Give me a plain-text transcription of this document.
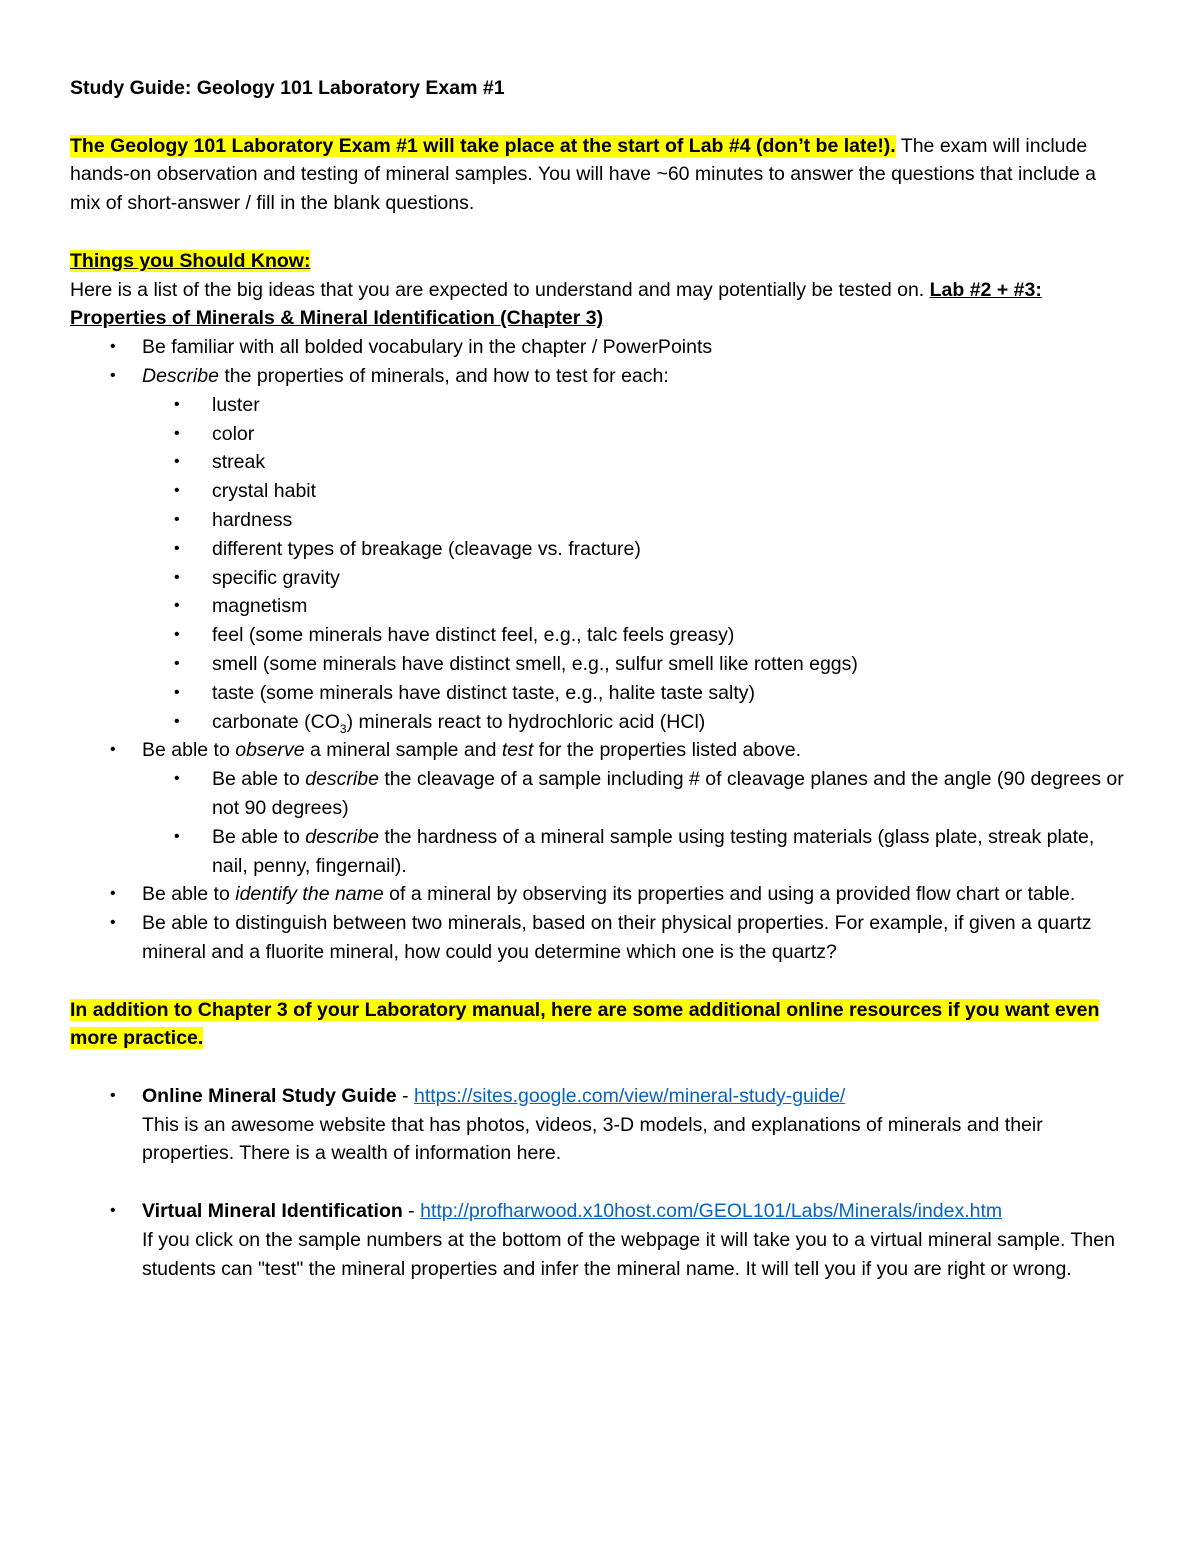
Study Guide: Geology 101 Laboratory Exam #1

The Geology 101 Laboratory Exam #1 will take place at the start of Lab #4 (don’t be late!). The exam will include hands-on observation and testing of mineral samples. You will have ~60 minutes to answer the questions that include a mix of short-answer / fill in the blank questions.

Things you Should Know:

Here is a list of the big ideas that you are expected to understand and may potentially be tested on. Lab #2 + #3: Properties of Minerals & Mineral Identification (Chapter 3)

• Be familiar with all bolded vocabulary in the chapter / PowerPoints
• Describe the properties of minerals, and how to test for each:
• luster
• color
• streak
• crystal habit
• hardness
• different types of breakage (cleavage vs. fracture)
• specific gravity
• magnetism
• feel (some minerals have distinct feel, e.g., talc feels greasy)
• smell (some minerals have distinct smell, e.g., sulfur smell like rotten eggs)
• taste (some minerals have distinct taste, e.g., halite taste salty)
• carbonate $(CO_3)$ minerals react to hydrochloric acid (HCl)
• Be able to observe a mineral sample and test for the properties listed above.
• Be able to describe the cleavage of a sample including # of cleavage planes and the angle (90 degrees or not 90 degrees)
• Be able to describe the hardness of a mineral sample using testing materials (glass plate, streak plate, nail, penny, fingernail).
• Be able to identify the name of a mineral by observing its properties and using a provided flow chart or table.
• Be able to distinguish between two minerals, based on their physical properties. For example, if given a quartz mineral and a fluorite mineral, how could you determine which one is the quartz?

In addition to Chapter 3 of your Laboratory manual, here are some additional online resources if you want even more practice.

• Online Mineral Study Guide - https://sites.google.com/view/mineral-study-guide/
This is an awesome website that has photos, videos, 3-D models, and explanations of minerals and their properties. There is a wealth of information here.
• Virtual Mineral Identification - http://profharwood.x10host.com/GEOL101/Labs/Minerals/index.htm
If you click on the sample numbers at the bottom of the webpage it will take you to a virtual mineral sample. Then students can "test" the mineral properties and infer the mineral name. It will tell you if you are right or wrong.
